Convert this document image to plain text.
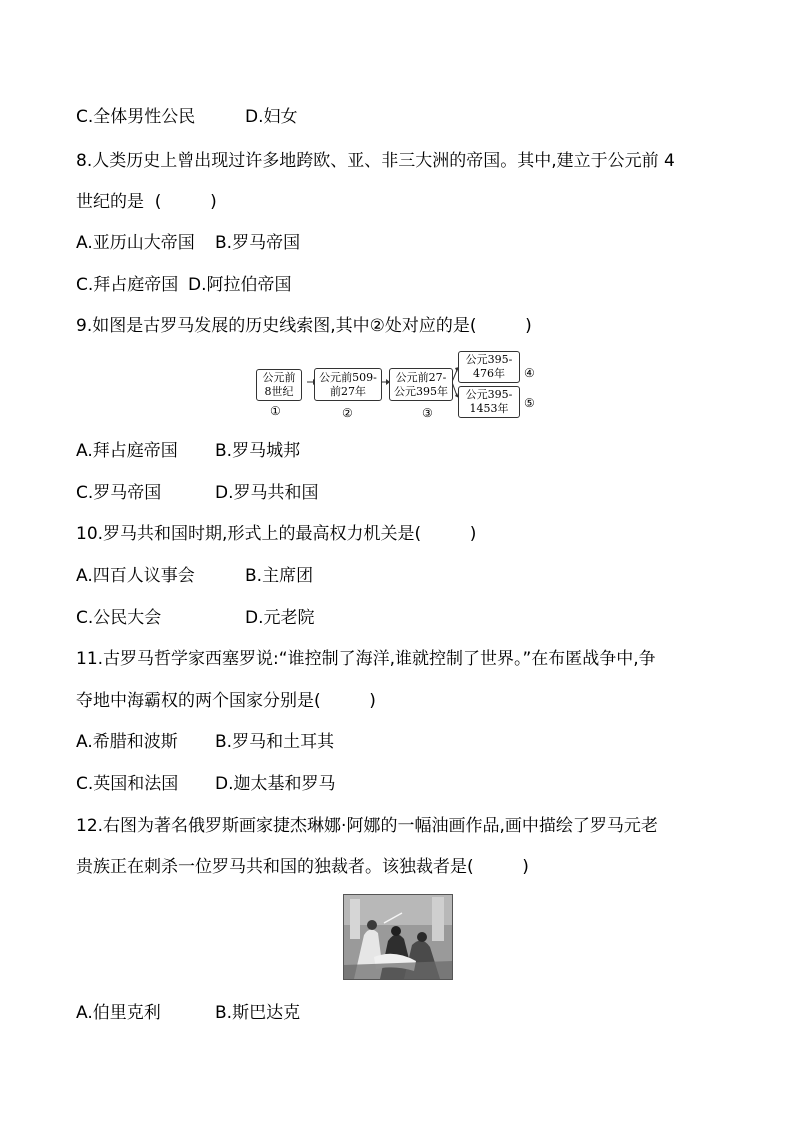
C.全体男性公民	D.妇女
8.人类历史上曾出现过许多地跨欧、亚、非三大洲的帝国。其中,建立于公元前 4
世纪的是  (         )
A.亚历山大帝国 B.罗马帝国
C.拜占庭帝国 D.阿拉伯帝国
9.如图是古罗马发展的历史线索图,其中②处对应的是(         )
公元前
8世纪
①
公元前509-
前27年
②
公元前27-
公元395年
③
公元395-
476年	④
公元395-
1453年	⑤
A.拜占庭帝国 B.罗马城邦
C.罗马帝国	D.罗马共和国
10.罗马共和国时期,形式上的最高权力机关是(         )
A.四百人议事会	B.主席团
C.公民大会	D.元老院
11.古罗马哲学家西塞罗说:“谁控制了海洋,谁就控制了世界。”在布匿战争中,争
夺地中海霸权的两个国家分别是(         )
A.希腊和波斯 B.罗马和土耳其
C.英国和法国 D.迦太基和罗马
12.右图为著名俄罗斯画家捷杰琳娜·阿娜的一幅油画作品,画中描绘了罗马元老
贵族正在刺杀一位罗马共和国的独裁者。该独裁者是(         )
A.伯里克利	B.斯巴达克
